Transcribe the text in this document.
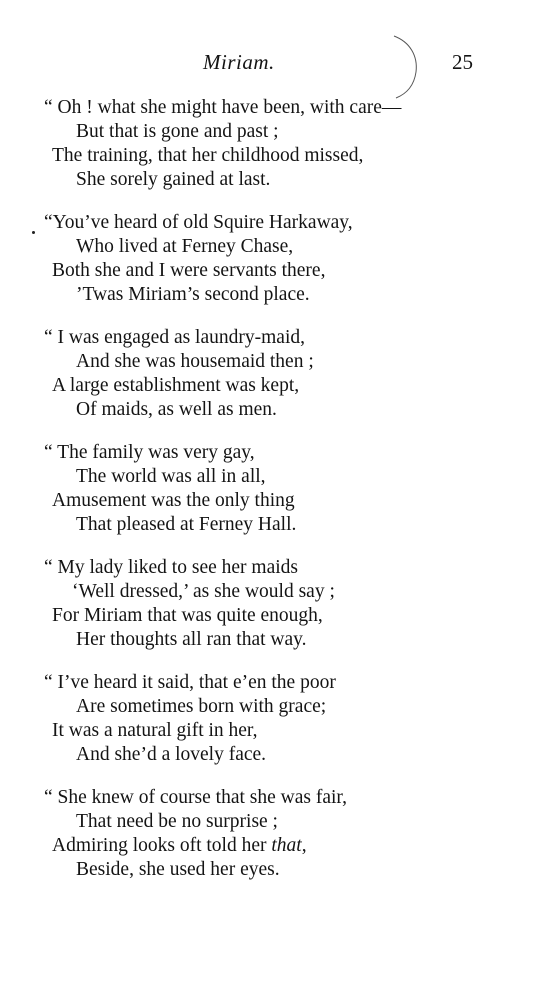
Miriam.	25
“ Oh ! what she might have been, with care—
But that is gone and past ;
The training, that her childhood missed,
She sorely gained at last.
“You’ve heard of old Squire Harkaway,
Who lived at Ferney Chase,
Both she and I were servants there,
’Twas Miriam’s second place.
“ I was engaged as laundry-maid,
And she was housemaid then ;
A large establishment was kept,
Of maids, as well as men.
“ The family was very gay,
The world was all in all,
Amusement was the only thing
That pleased at Ferney Hall.
“ My lady liked to see her maids
‘Well dressed,’ as she would say ;
For Miriam that was quite enough,
Her thoughts all ran that way.
“ I’ve heard it said, that e’en the poor
Are sometimes born with grace;
It was a natural gift in her,
And she’d a lovely face.
“ She knew of course that she was fair,
That need be no surprise ;
Admiring looks oft told her that,
Beside, she used her eyes.
